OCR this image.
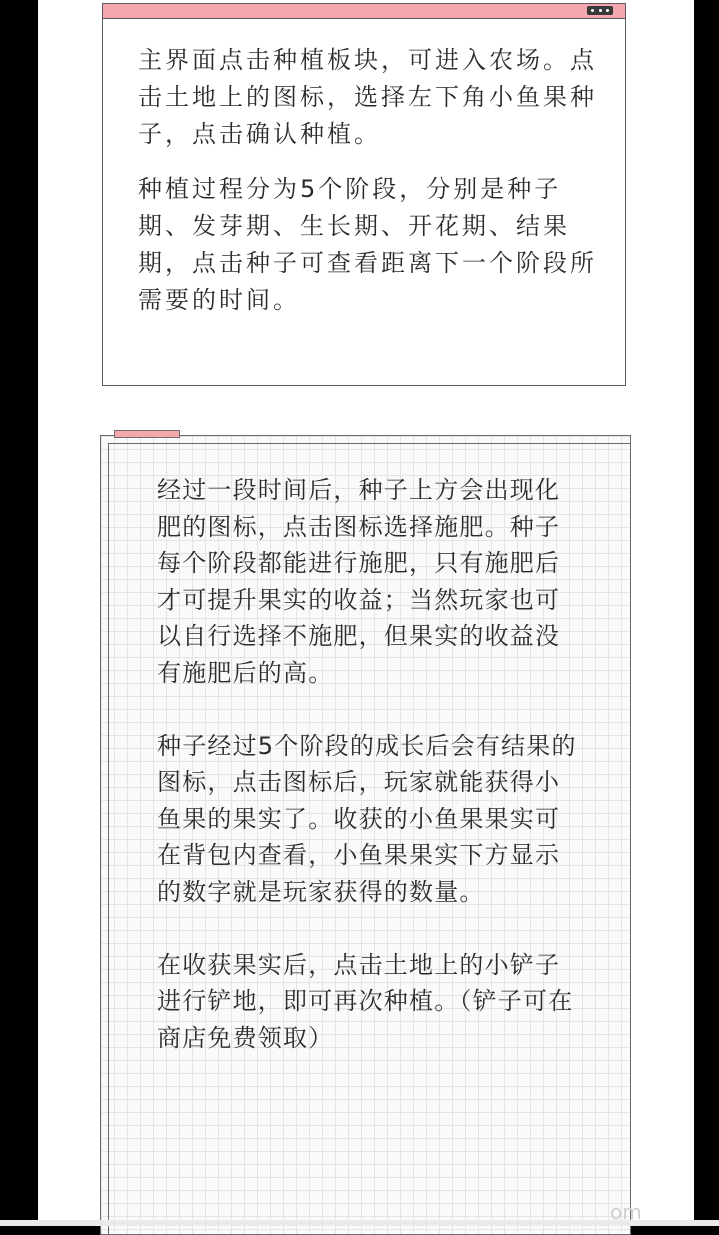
主界面点击种植板块，可进入农场。点击土地上的图标，选择左下角小鱼果种子，点击确认种植。

种植过程分为5个阶段，分别是种子期、发芽期、生长期、开花期、结果期，点击种子可查看距离下一个阶段所需要的时间。

经过一段时间后，种子上方会出现化肥的图标，点击图标选择施肥。种子每个阶段都能进行施肥，只有施肥后才可提升果实的收益；当然玩家也可以自行选择不施肥，但果实的收益没有施肥后的高。

种子经过5个阶段的成长后会有结果的图标，点击图标后，玩家就能获得小鱼果的果实了。收获的小鱼果果实可在背包内查看，小鱼果果实下方显示的数字就是玩家获得的数量。

在收获果实后，点击土地上的小铲子进行铲地，即可再次种植。（铲子可在商店免费领取）

om
